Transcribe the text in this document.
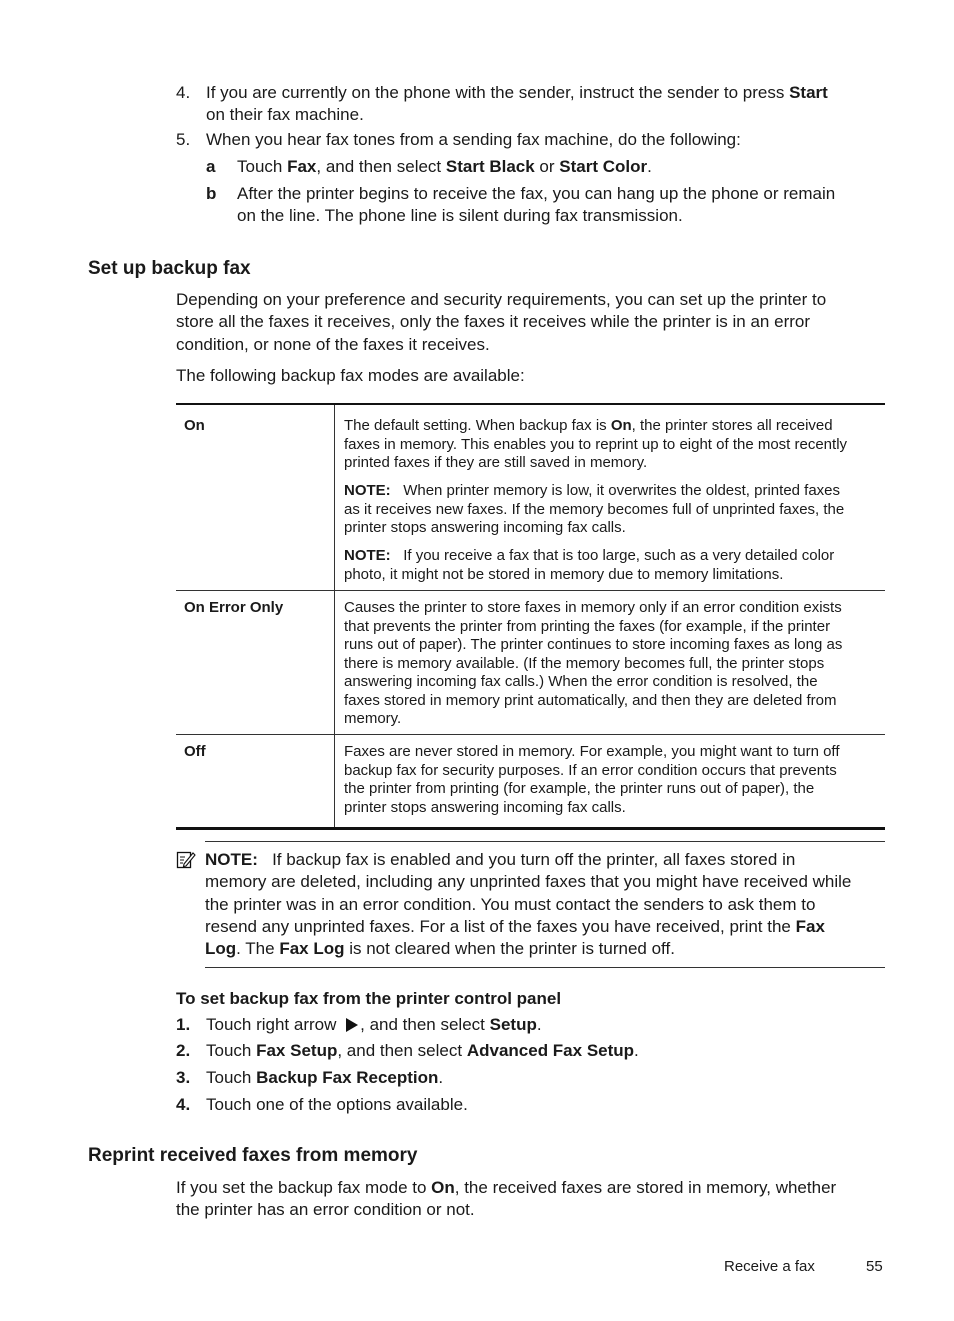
4. If you are currently on the phone with the sender, instruct the sender to press Start
on their fax machine.
5. When you hear fax tones from a sending fax machine, do the following:
a Touch Fax, and then select Start Black or Start Color.
b After the printer begins to receive the fax, you can hang up the phone or remain
on the line. The phone line is silent during fax transmission.
Set up backup fax
Depending on your preference and security requirements, you can set up the printer to
store all the faxes it receives, only the faxes it receives while the printer is in an error
condition, or none of the faxes it receives.
The following backup fax modes are available:
On	The default setting. When backup fax is On, the printer stores all received
faxes in memory. This enables you to reprint up to eight of the most recently
printed faxes if they are still saved in memory.
NOTE: When printer memory is low, it overwrites the oldest, printed faxes
as it receives new faxes. If the memory becomes full of unprinted faxes, the
printer stops answering incoming fax calls.
NOTE: If you receive a fax that is too large, such as a very detailed color
photo, it might not be stored in memory due to memory limitations.
On Error Only	Causes the printer to store faxes in memory only if an error condition exists
that prevents the printer from printing the faxes (for example, if the printer
runs out of paper). The printer continues to store incoming faxes as long as
there is memory available. (If the memory becomes full, the printer stops
answering incoming fax calls.) When the error condition is resolved, the
faxes stored in memory print automatically, and then they are deleted from
memory.
Off	Faxes are never stored in memory. For example, you might want to turn off
backup fax for security purposes. If an error condition occurs that prevents
the printer from printing (for example, the printer runs out of paper), the
printer stops answering incoming fax calls.
NOTE: If backup fax is enabled and you turn off the printer, all faxes stored in
memory are deleted, including any unprinted faxes that you might have received while
the printer was in an error condition. You must contact the senders to ask them to
resend any unprinted faxes. For a list of the faxes you have received, print the Fax
Log. The Fax Log is not cleared when the printer is turned off.
To set backup fax from the printer control panel
1. Touch right arrow , and then select Setup.
2. Touch Fax Setup, and then select Advanced Fax Setup.
3. Touch Backup Fax Reception.
4. Touch one of the options available.
Reprint received faxes from memory
If you set the backup fax mode to On, the received faxes are stored in memory, whether
the printer has an error condition or not.
Receive a fax	55
